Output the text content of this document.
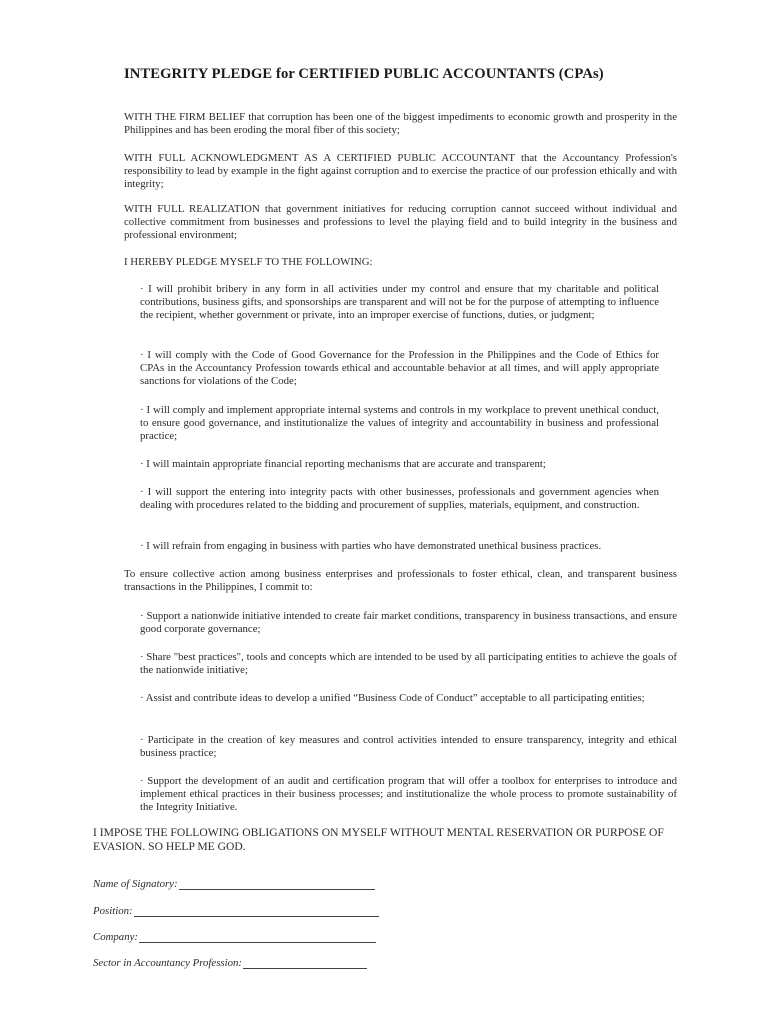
INTEGRITY PLEDGE for CERTIFIED PUBLIC ACCOUNTANTS (CPAs)
WITH THE FIRM BELIEF that corruption has been one of the biggest impediments to economic growth and prosperity in the Philippines and has been eroding the moral fiber of this society;
WITH FULL ACKNOWLEDGMENT AS A CERTIFIED PUBLIC ACCOUNTANT that the Accountancy Profession's responsibility to lead by example in the fight against corruption and to exercise the practice of our profession ethically and with integrity;
WITH FULL REALIZATION that government initiatives for reducing corruption cannot succeed without individual and collective commitment from businesses and professions to level the playing field and to build integrity in the business and professional environment;
I HEREBY PLEDGE MYSELF TO THE FOLLOWING:
· I will prohibit bribery in any form in all activities under my control and ensure that my charitable and political contributions, business gifts, and sponsorships are transparent and will not be for the purpose of attempting to influence the recipient, whether government or private, into an improper exercise of functions, duties, or judgment;
· I will comply with the Code of Good Governance for the Profession in the Philippines and the Code of Ethics for CPAs in the Accountancy Profession towards ethical and accountable behavior at all times, and will apply appropriate sanctions for violations of the Code;
· I will comply and implement appropriate internal systems and controls in my workplace to prevent unethical conduct, to ensure good governance, and institutionalize the values of integrity and accountability in business and professional practice;
· I will maintain appropriate financial reporting mechanisms that are accurate and transparent;
· I will support the entering into integrity pacts with other businesses, professionals and government agencies when dealing with procedures related to the bidding and procurement of supplies, materials, equipment, and construction.
· I will refrain from engaging in business with parties who have demonstrated unethical business practices.
To ensure collective action among business enterprises and professionals to foster ethical, clean, and transparent business transactions in the Philippines, I commit to:
· Support a nationwide initiative intended to create fair market conditions, transparency in business transactions, and ensure good corporate governance;
· Share "best practices", tools and concepts which are intended to be used by all participating entities to achieve the goals of the nationwide initiative;
· Assist and contribute ideas to develop a unified “Business Code of Conduct” acceptable to all participating entities;
· Participate in the creation of key measures and control activities intended to ensure transparency, integrity and ethical business practice;
· Support the development of an audit and certification program that will offer a toolbox for enterprises to introduce and implement ethical practices in their business processes; and institutionalize the whole process to promote sustainability of the Integrity Initiative.
I IMPOSE THE FOLLOWING OBLIGATIONS ON MYSELF WITHOUT MENTAL RESERVATION OR PURPOSE OF EVASION. SO HELP ME GOD.
Name of Signatory:
Position:
Company:
Sector in Accountancy Profession:
